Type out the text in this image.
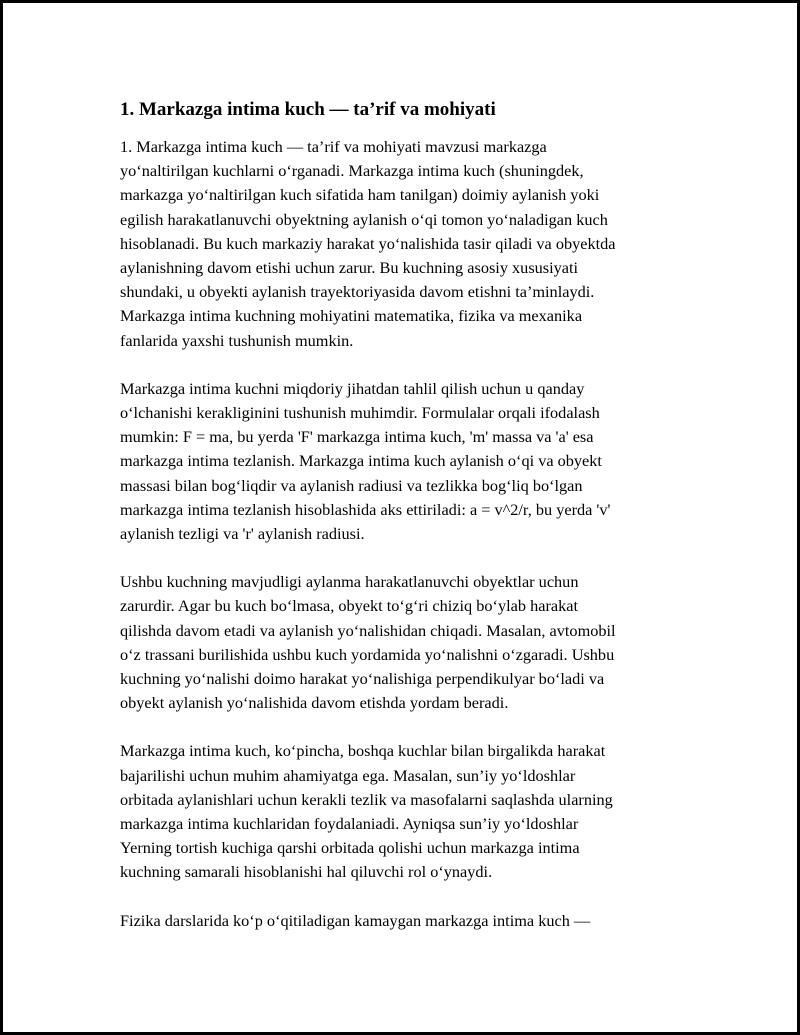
1. Markazga intima kuch — ta’rif va mohiyati

1. Markazga intima kuch — ta’rif va mohiyati mavzusi markazga
yo‘naltirilgan kuchlarni o‘rganadi. Markazga intima kuch (shuningdek,
markazga yo‘naltirilgan kuch sifatida ham tanilgan) doimiy aylanish yoki
egilish harakatlanuvchi obyektning aylanish o‘qi tomon yo‘naladigan kuch
hisoblanadi. Bu kuch markaziy harakat yo‘nalishida tasir qiladi va obyektda
aylanishning davom etishi uchun zarur. Bu kuchning asosiy xususiyati
shundaki, u obyekti aylanish trayektoriyasida davom etishni ta’minlaydi.
Markazga intima kuchning mohiyatini matematika, fizika va mexanika
fanlarida yaxshi tushunish mumkin.

Markazga intima kuchni miqdoriy jihatdan tahlil qilish uchun u qanday
o‘lchanishi kerakliginini tushunish muhimdir. Formulalar orqali ifodalash
mumkin: F = ma, bu yerda 'F' markazga intima kuch, 'm' massa va 'a' esa
markazga intima tezlanish. Markazga intima kuch aylanish o‘qi va obyekt
massasi bilan bog‘liqdir va aylanish radiusi va tezlikka bog‘liq bo‘lgan
markazga intima tezlanish hisoblashida aks ettiriladi: a = v^2/r, bu yerda 'v'
aylanish tezligi va 'r' aylanish radiusi.

Ushbu kuchning mavjudligi aylanma harakatlanuvchi obyektlar uchun
zarurdir. Agar bu kuch bo‘lmasa, obyekt to‘g‘ri chiziq bo‘ylab harakat
qilishda davom etadi va aylanish yo‘nalishidan chiqadi. Masalan, avtomobil
o‘z trassani burilishida ushbu kuch yordamida yo‘nalishni o‘zgaradi. Ushbu
kuchning yo‘nalishi doimo harakat yo‘nalishiga perpendikulyar bo‘ladi va
obyekt aylanish yo‘nalishida davom etishda yordam beradi.

Markazga intima kuch, ko‘pincha, boshqa kuchlar bilan birgalikda harakat
bajarilishi uchun muhim ahamiyatga ega. Masalan, sun’iy yo‘ldoshlar
orbitada aylanishlari uchun kerakli tezlik va masofalarni saqlashda ularning
markazga intima kuchlaridan foydalaniadi. Ayniqsa sun’iy yo‘ldoshlar
Yerning tortish kuchiga qarshi orbitada qolishi uchun markazga intima
kuchning samarali hisoblanishi hal qiluvchi rol o‘ynaydi.

Fizika darslarida ko‘p o‘qitiladigan kamaygan markazga intima kuch —
